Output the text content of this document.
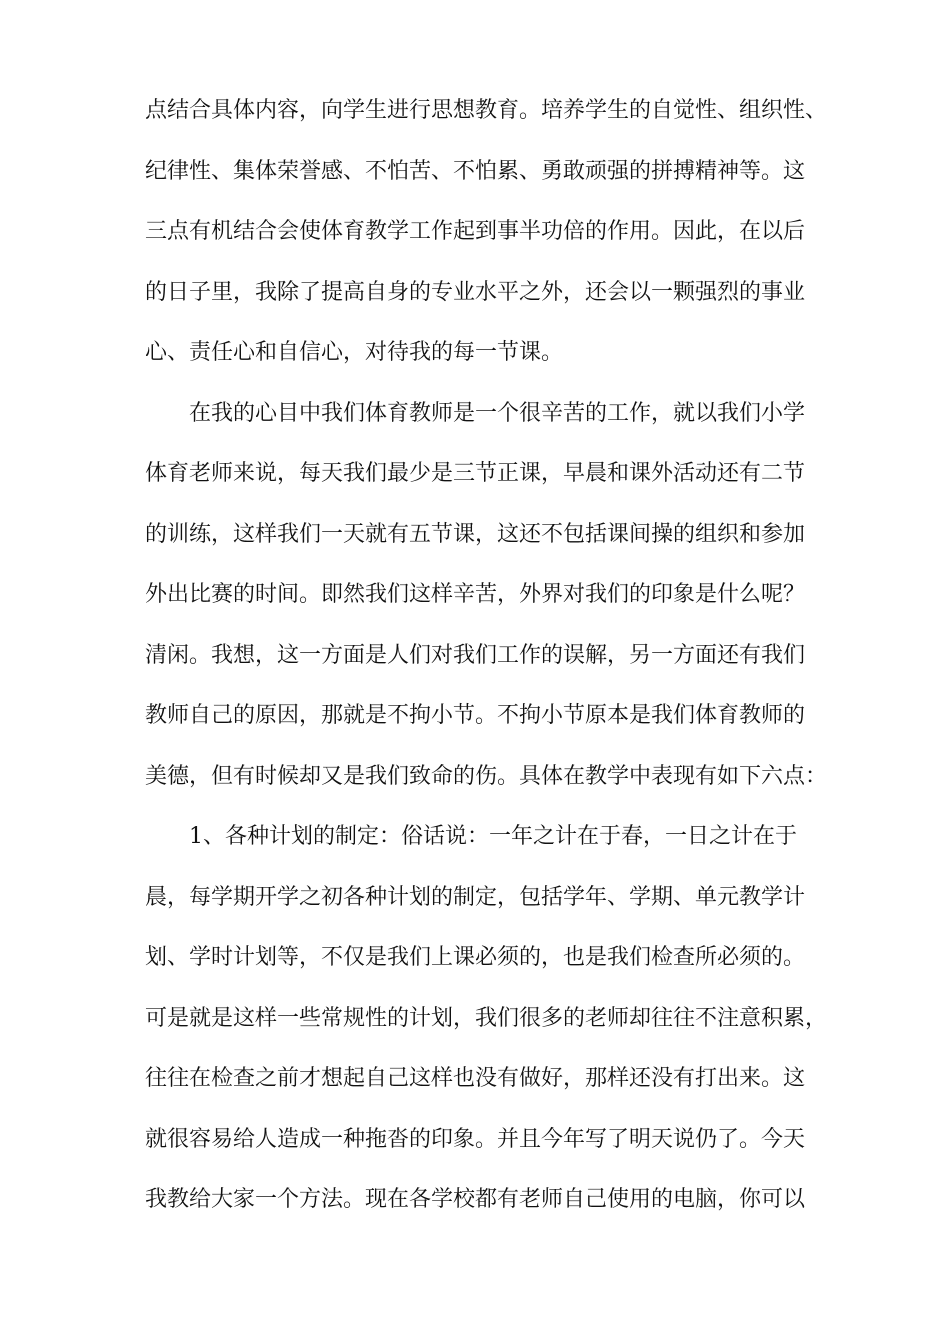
点结合具体内容，向学生进行思想教育。培养学生的自觉性、组织性、
纪律性、集体荣誉感、不怕苦、不怕累、勇敢顽强的拼搏精神等。这
三点有机结合会使体育教学工作起到事半功倍的作用。因此，在以后
的日子里，我除了提高自身的专业水平之外，还会以一颗强烈的事业
心、责任心和自信心，对待我的每一节课。
在我的心目中我们体育教师是一个很辛苦的工作，就以我们小学
体育老师来说，每天我们最少是三节正课，早晨和课外活动还有二节
的训练，这样我们一天就有五节课，这还不包括课间操的组织和参加
外出比赛的时间。即然我们这样辛苦，外界对我们的印象是什么呢？
清闲。我想，这一方面是人们对我们工作的误解，另一方面还有我们
教师自己的原因，那就是不拘小节。不拘小节原本是我们体育教师的
美德，但有时候却又是我们致命的伤。具体在教学中表现有如下六点：
1、各种计划的制定：俗话说：一年之计在于春，一日之计在于
晨，每学期开学之初各种计划的制定，包括学年、学期、单元教学计
划、学时计划等，不仅是我们上课必须的，也是我们检查所必须的。
可是就是这样一些常规性的计划，我们很多的老师却往往不注意积累，
往往在检查之前才想起自己这样也没有做好，那样还没有打出来。这
就很容易给人造成一种拖沓的印象。并且今年写了明天说仍了。今天
我教给大家一个方法。现在各学校都有老师自己使用的电脑，你可以
